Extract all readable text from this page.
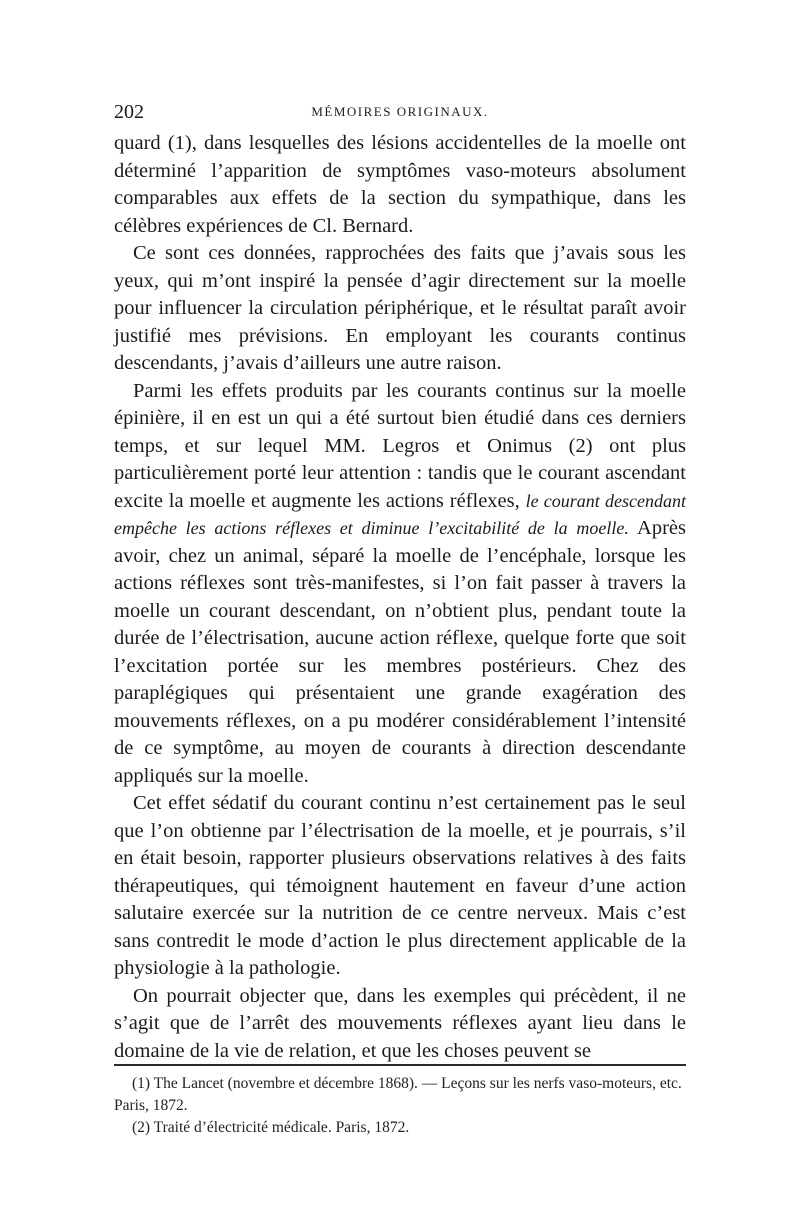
202	MÉMOIRES ORIGINAUX.

quard (1), dans lesquelles des lésions accidentelles de la moelle ont déterminé l’apparition de symptômes vaso-moteurs absolument comparables aux effets de la section du sympathique, dans les célèbres expériences de Cl. Bernard.

Ce sont ces données, rapprochées des faits que j’avais sous les yeux, qui m’ont inspiré la pensée d’agir directement sur la moelle pour influencer la circulation périphérique, et le résultat paraît avoir justifié mes prévisions. En employant les courants continus descendants, j’avais d’ailleurs une autre raison.

Parmi les effets produits par les courants continus sur la moelle épinière, il en est un qui a été surtout bien étudié dans ces derniers temps, et sur lequel MM. Legros et Onimus (2) ont plus particulièrement porté leur attention : tandis que le courant ascendant excite la moelle et augmente les actions réflexes, le courant descendant empêche les actions réflexes et diminue l’excitabilité de la moelle. Après avoir, chez un animal, séparé la moelle de l’encéphale, lorsque les actions réflexes sont très-manifestes, si l’on fait passer à travers la moelle un courant descendant, on n’obtient plus, pendant toute la durée de l’électrisation, aucune action réflexe, quelque forte que soit l’excitation portée sur les membres postérieurs. Chez des paraplégiques qui présentaient une grande exagération des mouvements réflexes, on a pu modérer considérablement l’intensité de ce symptôme, au moyen de courants à direction descendante appliqués sur la moelle.

Cet effet sédatif du courant continu n’est certainement pas le seul que l’on obtienne par l’électrisation de la moelle, et je pourrais, s’il en était besoin, rapporter plusieurs observations relatives à des faits thérapeutiques, qui témoignent hautement en faveur d’une action salutaire exercée sur la nutrition de ce centre nerveux. Mais c’est sans contredit le mode d’action le plus directement applicable de la physiologie à la pathologie.

On pourrait objecter que, dans les exemples qui précèdent, il ne s’agit que de l’arrêt des mouvements réflexes ayant lieu dans le domaine de la vie de relation, et que les choses peuvent se

(1) The Lancet (novembre et décembre 1868). — Leçons sur les nerfs vaso-moteurs, etc. Paris, 1872.

(2) Traité d’électricité médicale. Paris, 1872.
